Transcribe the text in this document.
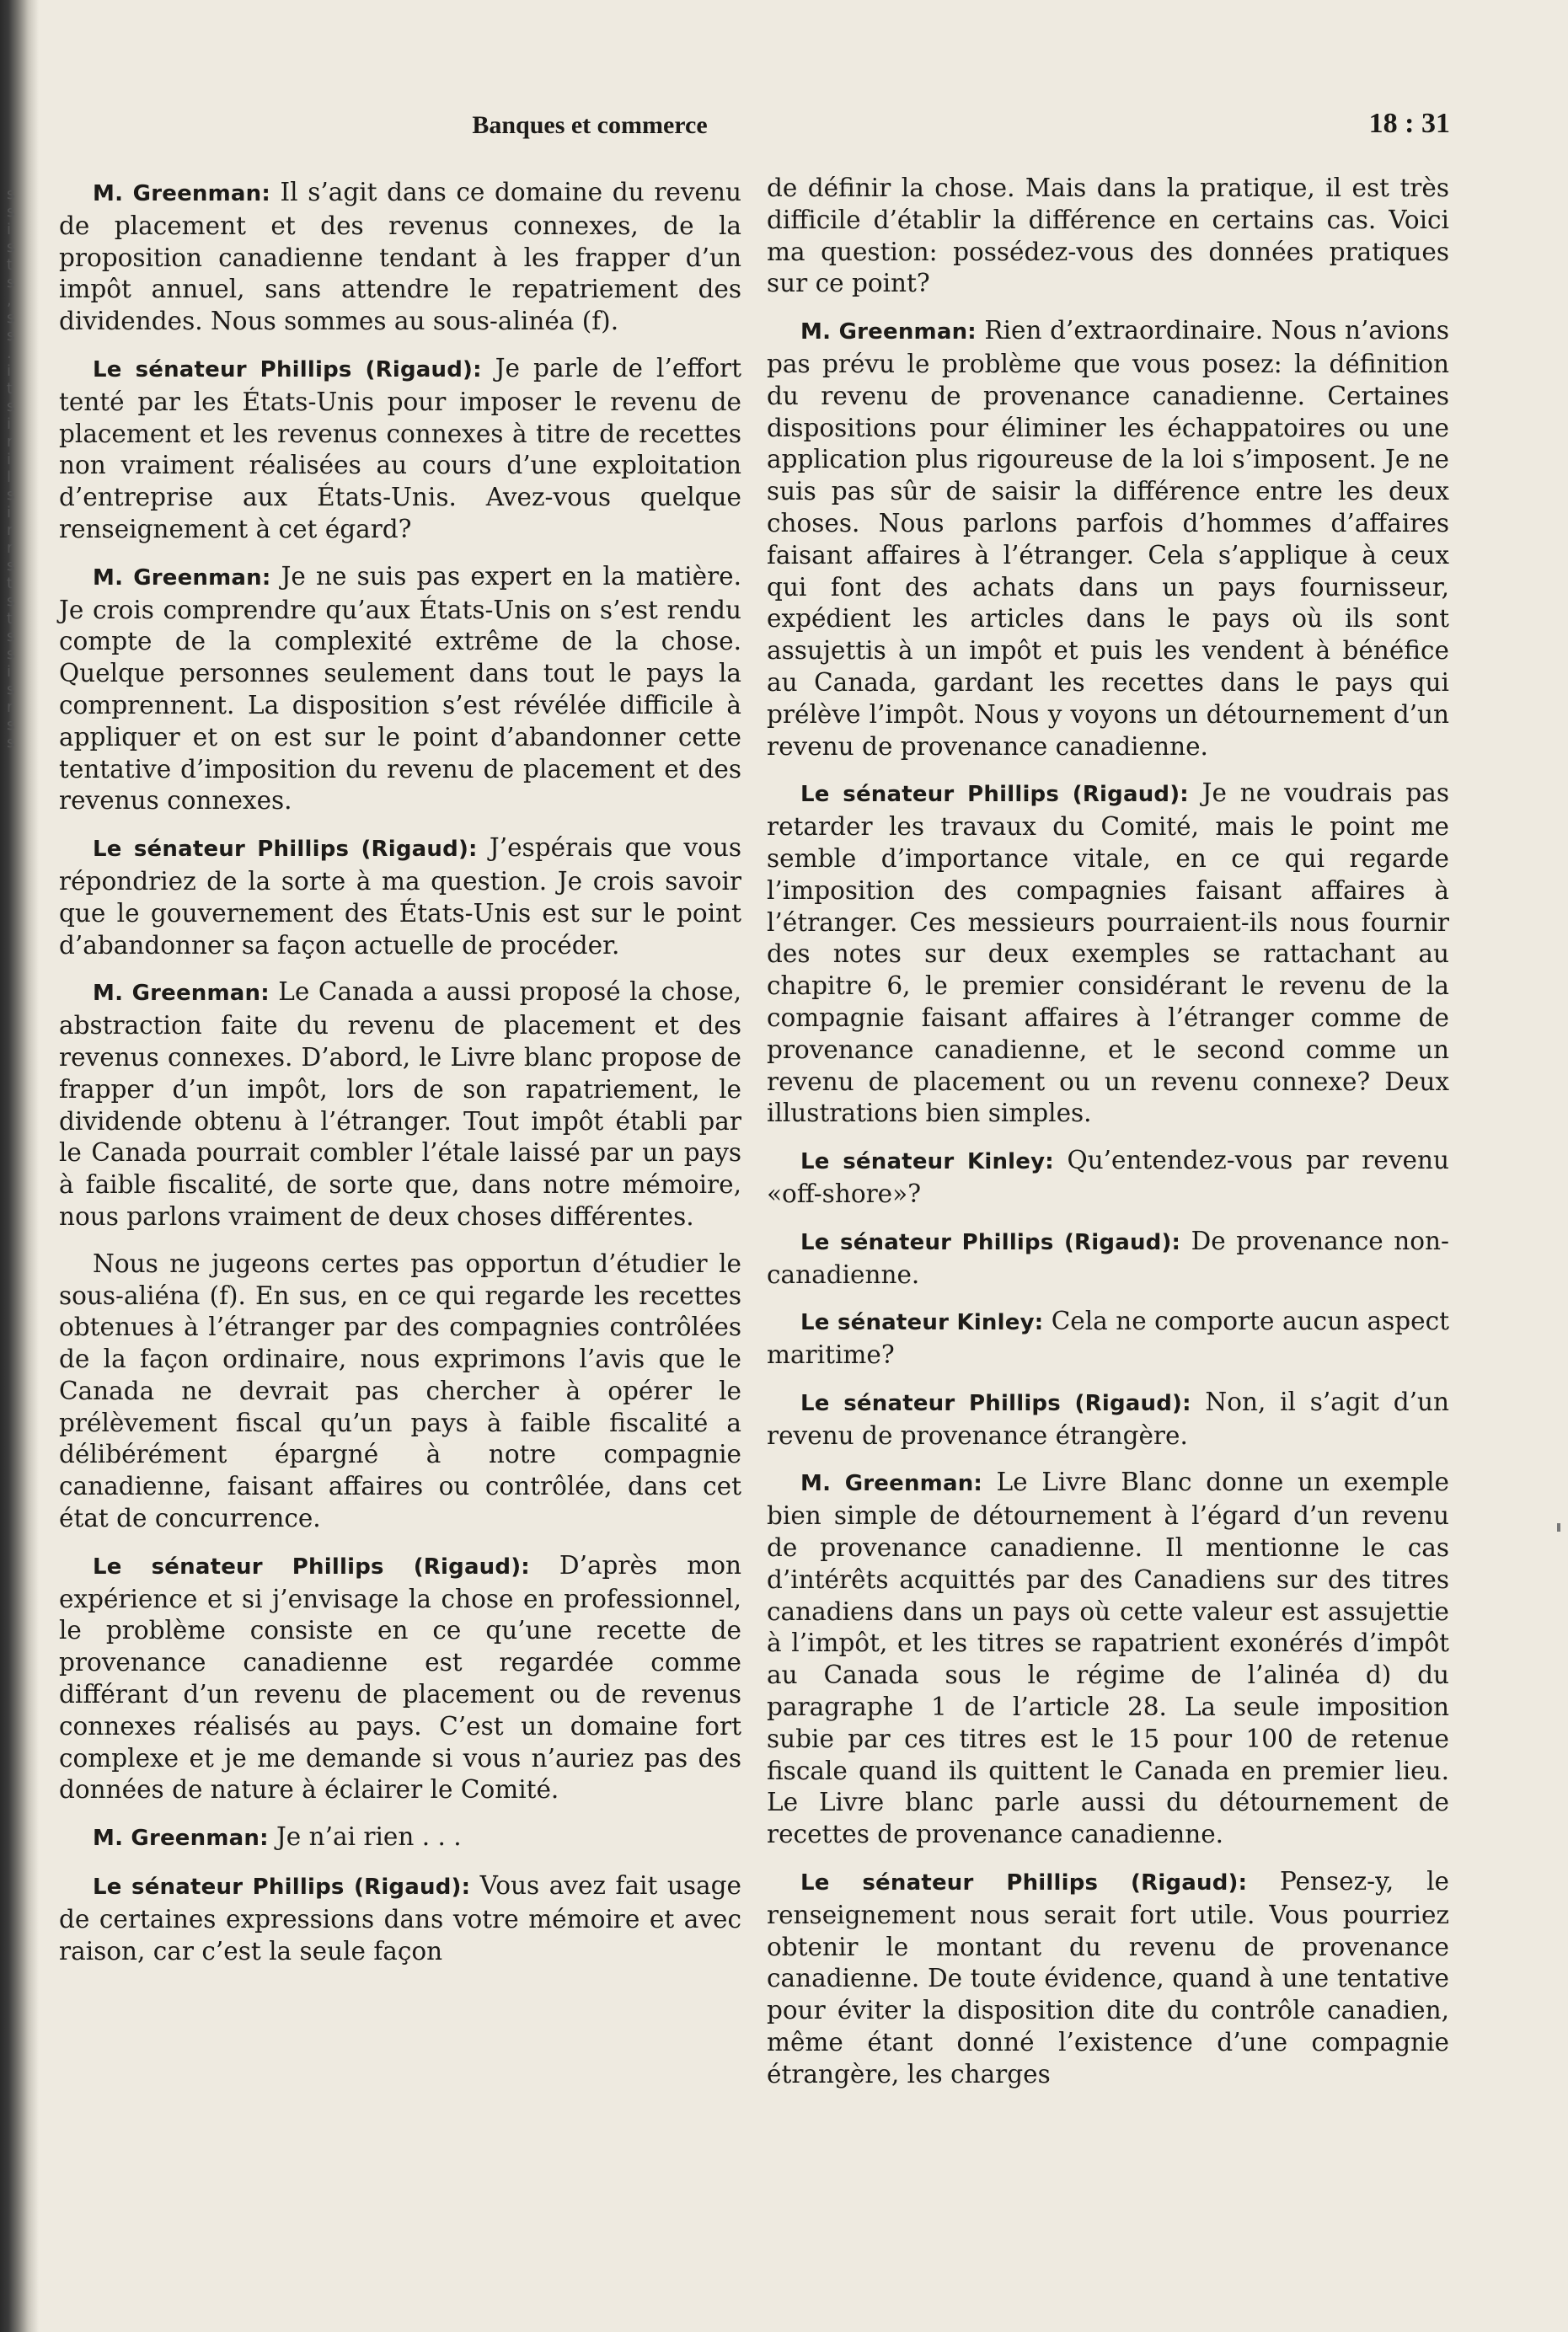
s s i s t s , s s . i t s i r i l s i r r s t s t s s i s r s s
Banques et commerce	18 : 31

M. Greenman: Il s’agit dans ce domaine du revenu de placement et des revenus connexes, de la proposition canadienne tendant à les frapper d’un impôt annuel, sans attendre le repatriement des dividendes. Nous sommes au sous-alinéa (f).

Le sénateur Phillips (Rigaud): Je parle de l’effort tenté par les États-Unis pour imposer le revenu de placement et les revenus connexes à titre de recettes non vraiment réalisées au cours d’une exploitation d’entreprise aux États-Unis. Avez-vous quelque renseignement à cet égard?

M. Greenman: Je ne suis pas expert en la matière. Je crois comprendre qu’aux États-Unis on s’est rendu compte de la complexité extrême de la chose. Quelque personnes seulement dans tout le pays la comprennent. La disposition s’est révélée difficile à appliquer et on est sur le point d’abandonner cette tentative d’imposition du revenu de placement et des revenus connexes.

Le sénateur Phillips (Rigaud): J’espérais que vous répondriez de la sorte à ma question. Je crois savoir que le gouvernement des États-Unis est sur le point d’abandonner sa façon actuelle de procéder.

M. Greenman: Le Canada a aussi proposé la chose, abstraction faite du revenu de placement et des revenus connexes. D’abord, le Livre blanc propose de frapper d’un impôt, lors de son rapatriement, le dividende obtenu à l’étranger. Tout impôt établi par le Canada pourrait combler l’étale laissé par un pays à faible fiscalité, de sorte que, dans notre mémoire, nous parlons vraiment de deux choses différentes.

Nous ne jugeons certes pas opportun d’étudier le sous-aliéna (f). En sus, en ce qui regarde les recettes obtenues à l’étranger par des compagnies contrôlées de la façon ordinaire, nous exprimons l’avis que le Canada ne devrait pas chercher à opérer le prélèvement fiscal qu’un pays à faible fiscalité a délibérément épargné à notre compagnie canadienne, faisant affaires ou contrôlée, dans cet état de concurrence.

Le sénateur Phillips (Rigaud): D’après mon expérience et si j’envisage la chose en professionnel, le problème consiste en ce qu’une recette de provenance canadienne est regardée comme différant d’un revenu de placement ou de revenus connexes réalisés au pays. C’est un domaine fort complexe et je me demande si vous n’auriez pas des données de nature à éclairer le Comité.

M. Greenman: Je n’ai rien . . .

Le sénateur Phillips (Rigaud): Vous avez fait usage de certaines expressions dans votre mémoire et avec raison, car c’est la seule façon

de définir la chose. Mais dans la pratique, il est très difficile d’établir la différence en certains cas. Voici ma question: possédez-vous des données pratiques sur ce point?

M. Greenman: Rien d’extraordinaire. Nous n’avions pas prévu le problème que vous posez: la définition du revenu de provenance canadienne. Certaines dispositions pour éliminer les échappatoires ou une application plus rigoureuse de la loi s’imposent. Je ne suis pas sûr de saisir la différence entre les deux choses. Nous parlons parfois d’hommes d’affaires faisant affaires à l’étranger. Cela s’applique à ceux qui font des achats dans un pays fournisseur, expédient les articles dans le pays où ils sont assujettis à un impôt et puis les vendent à bénéfice au Canada, gardant les recettes dans le pays qui prélève l’impôt. Nous y voyons un détournement d’un revenu de provenance canadienne.

Le sénateur Phillips (Rigaud): Je ne voudrais pas retarder les travaux du Comité, mais le point me semble d’importance vitale, en ce qui regarde l’imposition des compagnies faisant affaires à l’étranger. Ces messieurs pourraient-ils nous fournir des notes sur deux exemples se rattachant au chapitre 6, le premier considérant le revenu de la compagnie faisant affaires à l’étranger comme de provenance canadienne, et le second comme un revenu de placement ou un revenu connexe? Deux illustrations bien simples.

Le sénateur Kinley: Qu’entendez-vous par revenu «off-shore»?

Le sénateur Phillips (Rigaud): De provenance non-canadienne.

Le sénateur Kinley: Cela ne comporte aucun aspect maritime?

Le sénateur Phillips (Rigaud): Non, il s’agit d’un revenu de provenance étrangère.

M. Greenman: Le Livre Blanc donne un exemple bien simple de détournement à l’égard d’un revenu de provenance canadienne. Il mentionne le cas d’intérêts acquittés par des Canadiens sur des titres canadiens dans un pays où cette valeur est assujettie à l’impôt, et les titres se rapatrient exonérés d’impôt au Canada sous le régime de l’alinéa d) du paragraphe 1 de l’article 28. La seule imposition subie par ces titres est le 15 pour 100 de retenue fiscale quand ils quittent le Canada en premier lieu. Le Livre blanc parle aussi du détournement de recettes de provenance canadienne.

Le sénateur Phillips (Rigaud): Pensez-y, le renseignement nous serait fort utile. Vous pourriez obtenir le montant du revenu de provenance canadienne. De toute évidence, quand à une tentative pour éviter la disposition dite du contrôle canadien, même étant donné l’existence d’une compagnie étrangère, les charges
